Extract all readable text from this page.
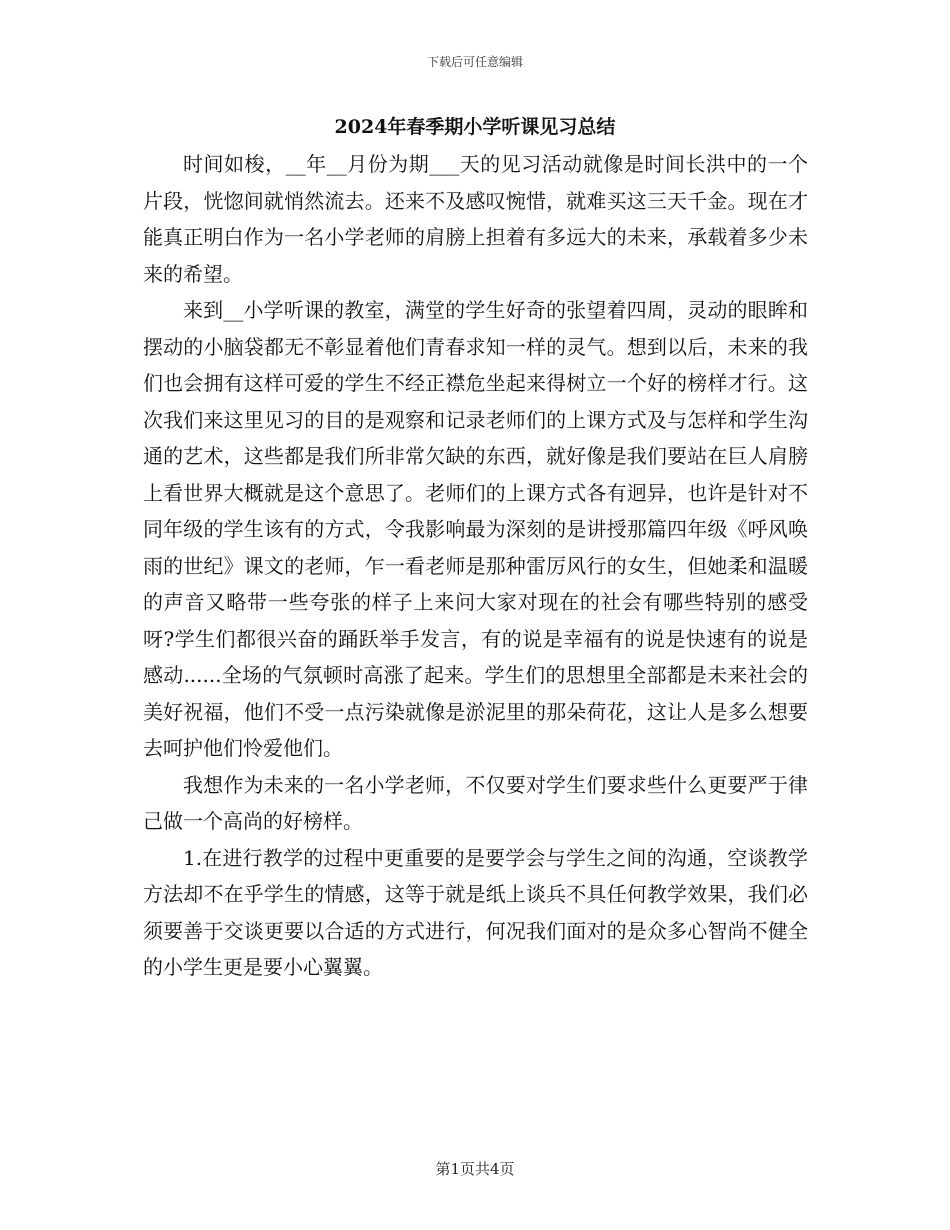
下载后可任意编辑
2024年春季期小学听课见习总结

时间如梭，__年__月份为期___天的见习活动就像是时间长洪中的一个片段，恍惚间就悄然流去。还来不及感叹惋惜，就难买这三天千金。现在才能真正明白作为一名小学老师的肩膀上担着有多远大的未来，承载着多少未来的希望。

来到__小学听课的教室，满堂的学生好奇的张望着四周，灵动的眼眸和摆动的小脑袋都无不彰显着他们青春求知一样的灵气。想到以后，未来的我们也会拥有这样可爱的学生不经正襟危坐起来得树立一个好的榜样才行。这次我们来这里见习的目的是观察和记录老师们的上课方式及与怎样和学生沟通的艺术，这些都是我们所非常欠缺的东西，就好像是我们要站在巨人肩膀上看世界大概就是这个意思了。老师们的上课方式各有迥异，也许是针对不同年级的学生该有的方式，令我影响最为深刻的是讲授那篇四年级《呼风唤雨的世纪》课文的老师，乍一看老师是那种雷厉风行的女生，但她柔和温暖的声音又略带一些夸张的样子上来问大家对现在的社会有哪些特别的感受呀?学生们都很兴奋的踊跃举手发言，有的说是幸福有的说是快速有的说是感动......全场的气氛顿时高涨了起来。学生们的思想里全部都是未来社会的美好祝福，他们不受一点污染就像是淤泥里的那朵荷花，这让人是多么想要去呵护他们怜爱他们。

我想作为未来的一名小学老师，不仅要对学生们要求些什么更要严于律己做一个高尚的好榜样。

1.在进行教学的过程中更重要的是要学会与学生之间的沟通，空谈教学方法却不在乎学生的情感，这等于就是纸上谈兵不具任何教学效果，我们必须要善于交谈更要以合适的方式进行，何况我们面对的是众多心智尚不健全的小学生更是要小心翼翼。

第1页共4页
